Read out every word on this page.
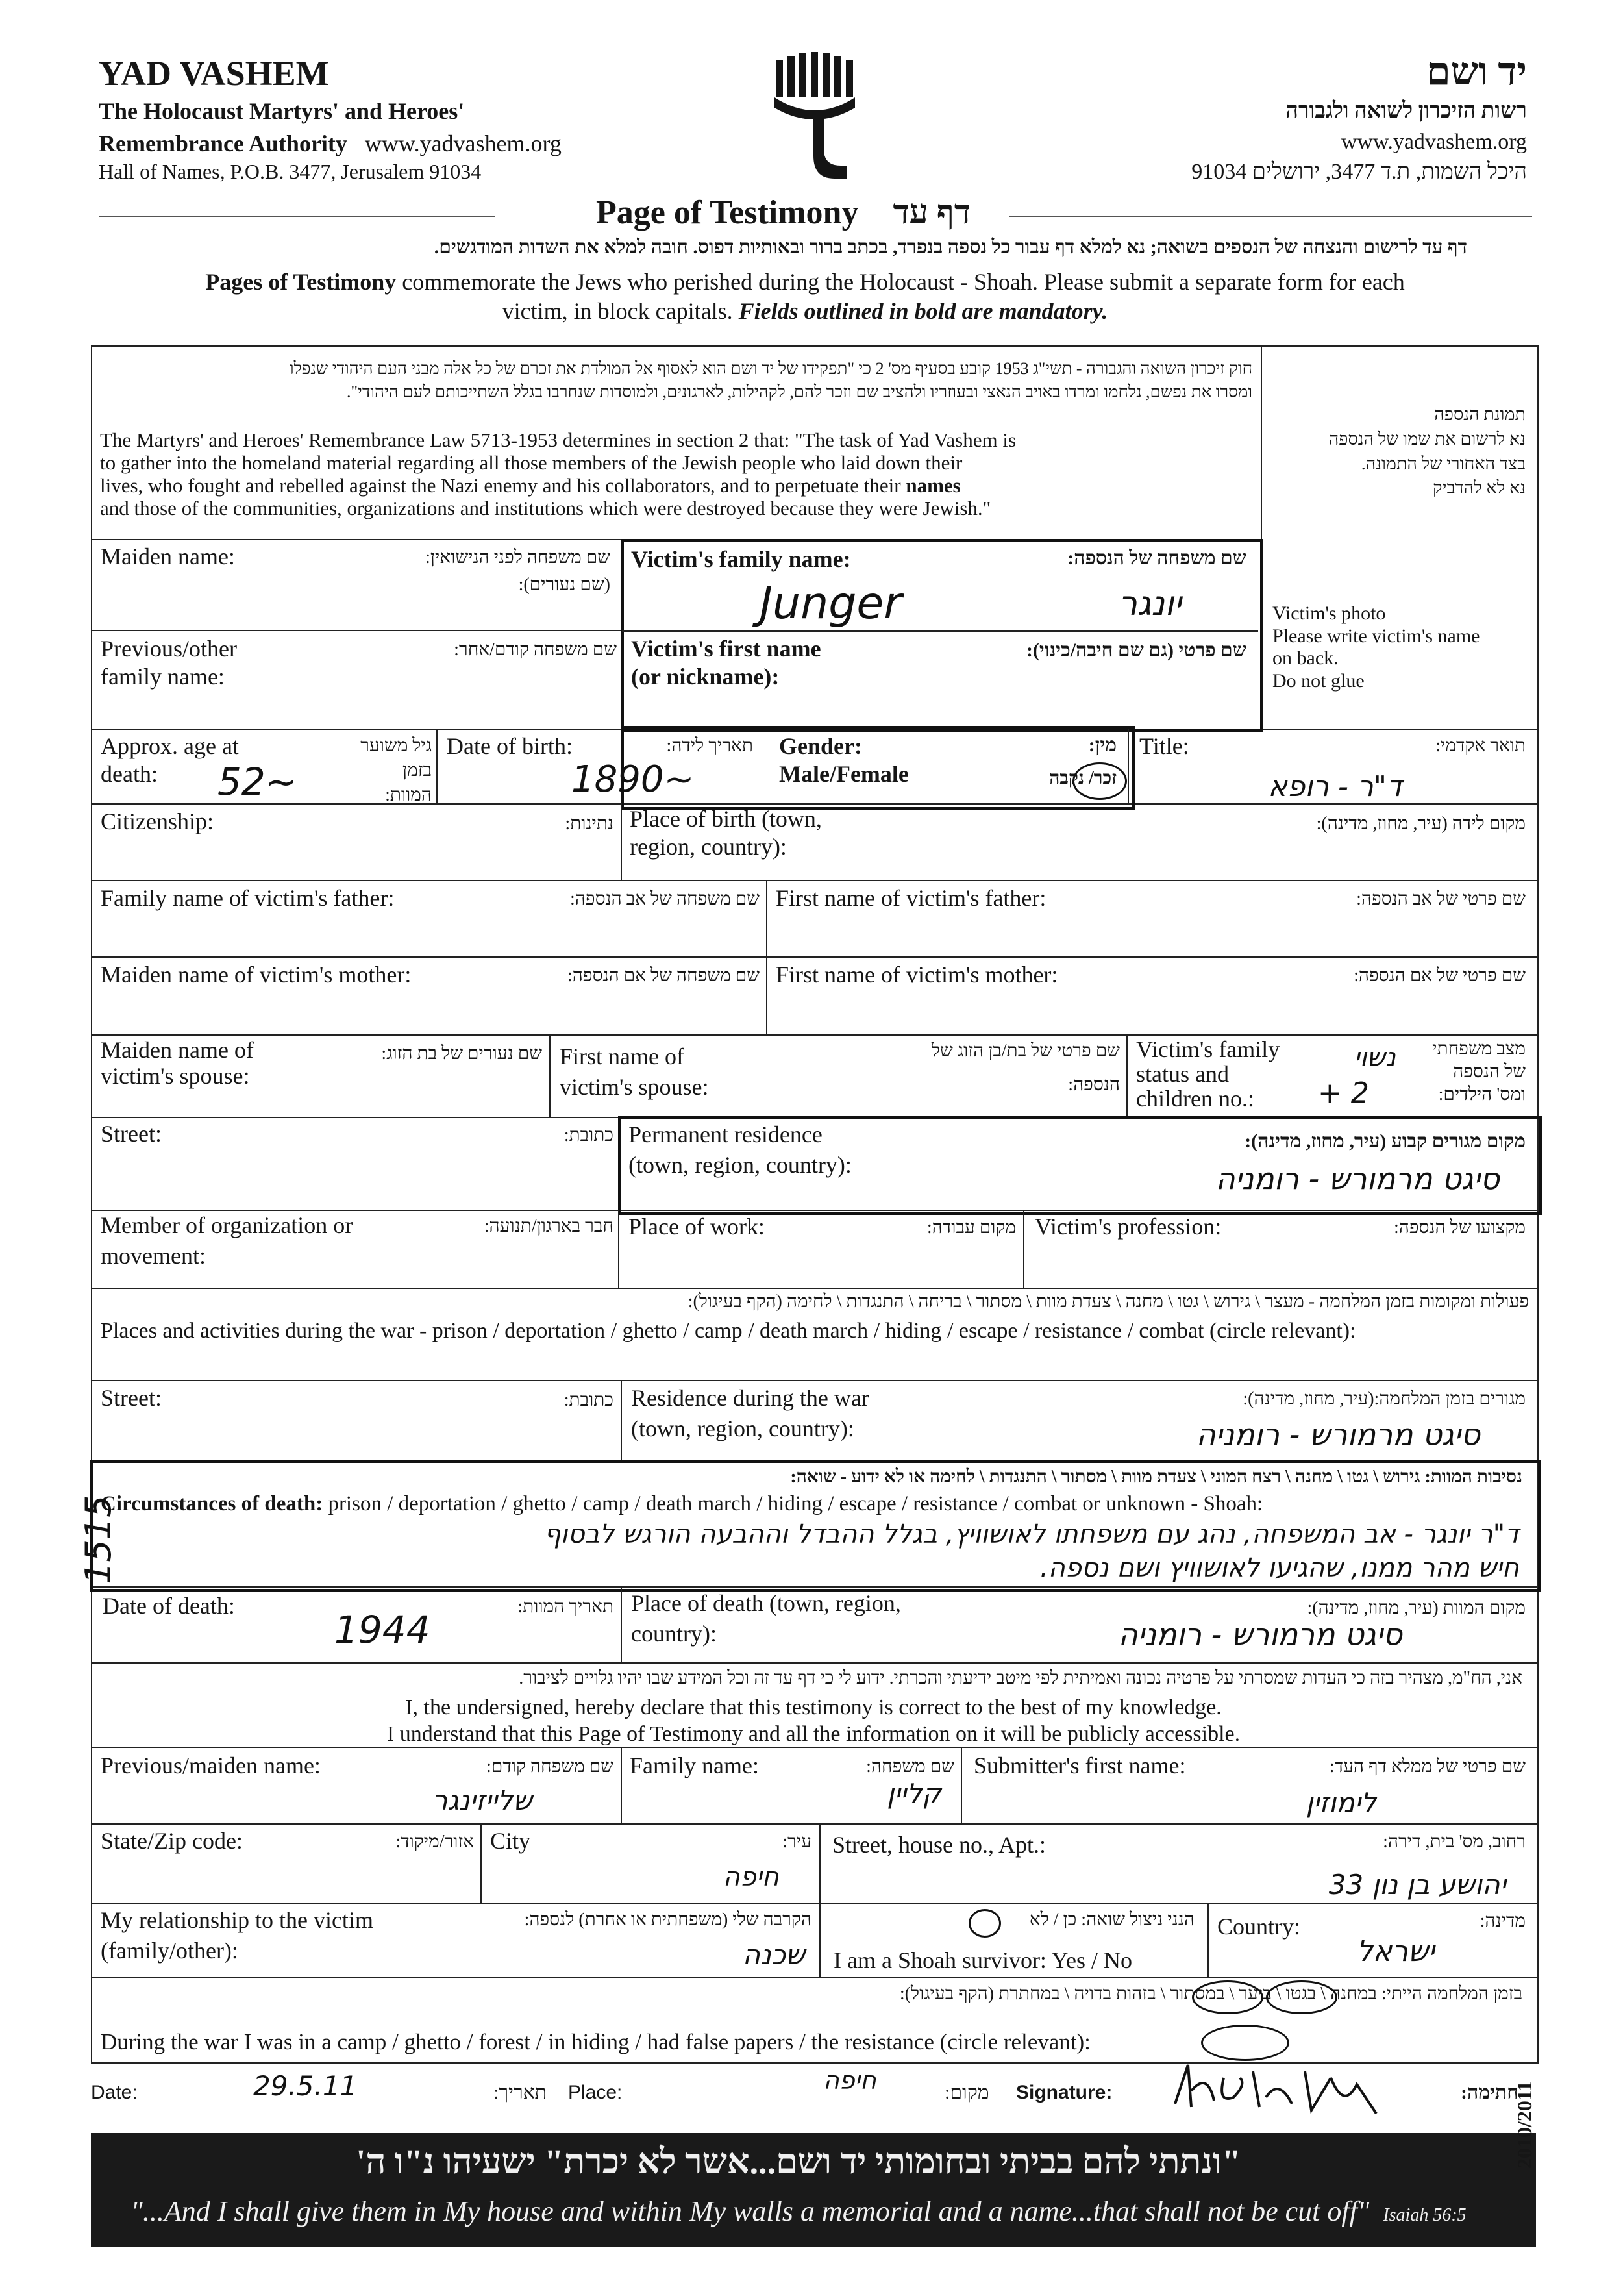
YAD VASHEM
The Holocaust Martyrs' and Heroes'
Remembrance Authority www.yadvashem.org
Hall of Names, P.O.B. 3477, Jerusalem 91034
יד ושם
רשות הזיכרון לשואה ולגבורה
www.yadvashem.org
היכל השמות, ת.ד 3477, ירושלים 91034
Page of Testimony דף עד
דף עד לרישום והנצחה של הנספים בשואה; נא למלא דף עבור כל נספה בנפרד, בכתב ברור ובאותיות דפוס. חובה למלא את השדות המודגשים.
Pages of Testimony commemorate the Jews who perished during the Holocaust - Shoah. Please submit a separate form for each
victim, in block capitals. Fields outlined in bold are mandatory.
חוק זיכרון השואה והגבורה - תשי"ג 1953 קובע בסעיף מס' 2 כי "תפקידו של יד ושם הוא לאסוף אל המולדת את זכרם של כל אלה מבני העם היהודי שנפלו
ומסרו את נפשם, נלחמו ומרדו באויב הנאצי ובעוזריו ולהציב שם וזכר להם, לקהילות, לארגונים, ולמוסדות שנחרבו בגלל השתייכותם לעם היהודי".
The Martyrs' and Heroes' Remembrance Law 5713-1953 determines in section 2 that: "The task of Yad Vashem is
to gather into the homeland material regarding all those members of the Jewish people who laid down their
lives, who fought and rebelled against the Nazi enemy and his collaborators, and to perpetuate their names
and those of the communities, organizations and institutions which were destroyed because they were Jewish."
תמונת הנספה
נא לרשום את שמו של הנספה
בצד האחורי של התמונה.
נא לא להדביק
Victim's photo
Please write victim's name
on back.
Do not glue
Maiden name:	שם משפחה לפני הנישואין:
(שם נעורים):
Previous/other
family name:
שם משפחה קודם/אחר:
Victim's family name:	שם משפחה של הנספה:
Junger	יונגר
Victim's first name
(or nickname):
שם פרטי (גם שם חיבה/כינוי):
Approx. age at
death:
גיל משוער בזמן
המוות:
52~
Date of birth:	תאריך לידה:
1890~
Gender:
Male/Female
מין:
זכר/ נקבה
Title:	תואר אקדמי:
ד"ר - רופא
Citizenship:	נתינות: Place of birth (town,
region, country):
מקום לידה (עיר, מחוז, מדינה):
Family name of victim's father:	שם משפחה של אב הנספה: First name of victim's father:	שם פרטי של אב הנספה:
Maiden name of victim's mother:	שם משפחה של אם הנספה: First name of victim's mother:	שם פרטי של אם הנספה:
Maiden name of
victim's spouse:
שם נעורים של בת הזוג: First name of
victim's spouse:
שם פרטי של בת/בן הזוג של
הנספה:
Victim's family
status and
children no.:
מצב משפחתי
של הנספה
ומס' הילדים:
נשוי
+ 2
Street:	כתובת: Permanent residence
(town, region, country):
מקום מגורים קבוע (עיר, מחוז, מדינה):
סיגט מרמורש - רומניה
Member of organization or
movement:
חבר בארגון/תנועה: Place of work:	מקום עבודה: Victim's profession:	מקצועו של הנספה:
פעולות ומקומות בזמן המלחמה - מעצר \ גירוש \ גטו \ מחנה \ צעדת מוות \ מסתור \ בריחה \ התנגדות \ לחימה (הקף בעיגול):
Places and activities during the war - prison / deportation / ghetto / camp / death march / hiding / escape / resistance / combat (circle relevant):
Street:	כתובת: Residence during the war
(town, region, country):
מגורים בזמן המלחמה:(עיר, מחוז, מדינה):
סיגט מרמורש - רומניה
נסיבות המוות: גירוש \ גטו \ מחנה \ רצח המוני \ צעדת מוות \ מסתור \ התנגדות \ לחימה או לא ידוע - שואה:
Circumstances of death: prison / deportation / ghetto / camp / death march / hiding / escape / resistance / combat or unknown - Shoah:
ד"ר יונגר - אב המשפחה, נהג עם משפחתו לאושוויץ, בגלל ההבדל וההבעה הורגש לבסוף
חיש מהר ממנו, שהגיעו לאושוויץ ושם נספה.
Date of death:	תאריך המוות:
1944
Place of death (town, region,
country):
מקום המוות (עיר, מחוז, מדינה):
סיגט מרמורש - רומניה
אני, הח"מ, מצהיר בזה כי העדות שמסרתי על פרטיה נכונה ואמיתית לפי מיטב ידיעתי והכרתי. ידוע לי כי דף עד זה וכל המידע שבו יהיו גלויים לציבור.
I, the undersigned, hereby declare that this testimony is correct to the best of my knowledge.
I understand that this Page of Testimony and all the information on it will be publicly accessible.
Previous/maiden name:	שם משפחה קודם:
שלייזינגר
Family name:	שם משפחה:
קליין
Submitter's first name:	שם פרטי של ממלא דף העד:
לימוזין
State/Zip code:	אזור/מיקוד: City	עיר:
חיפה
Street, house no., Apt.:	רחוב, מס' בית, דירה:
יהושע בן נון 33
My relationship to the victim
(family/other):
הקרבה שלי (משפחתית או אחרת) לנספה:
שכנה
הנני ניצול שואה: כן / לא
I am a Shoah survivor: Yes / No
Country:	מדינה:
ישראל
בזמן המלחמה הייתי: במחנה \ בגטו \ ביער \ במסתור \ בזהות בדויה \ במחתרת (הקף בעיגול):
During the war I was in a camp / ghetto / forest / in hiding / had false papers / the resistance (circle relevant):
Date:	29.5.11	תאריך: Place:	חיפה	מקום: Signature:	חתימה:
"ונתתי להם בביתי ובחומותי יד ושם...אשר לא יכרת" ישעיהו נ"ו ה'
"...And I shall give them in My house and within My walls a memorial and a name...that shall not be cut off" Isaiah 56:5
2010/2011
1515
